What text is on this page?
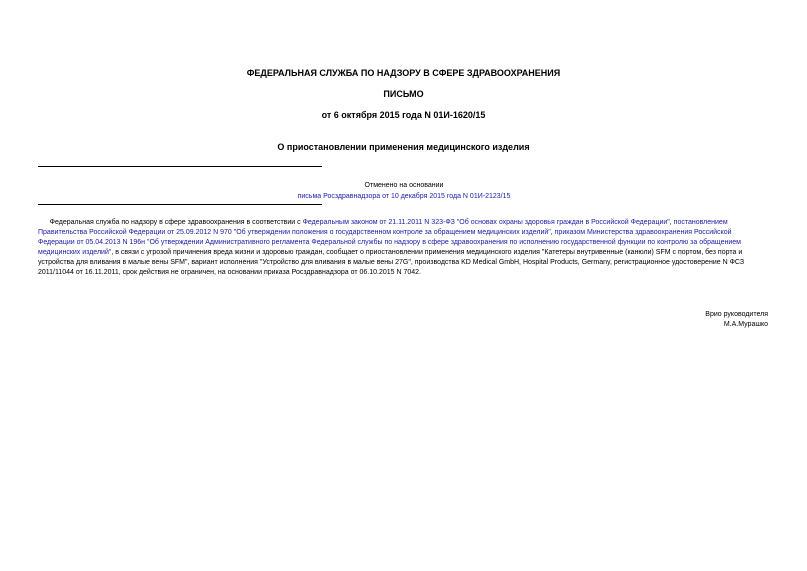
ФЕДЕРАЛЬНАЯ СЛУЖБА ПО НАДЗОРУ В СФЕРЕ ЗДРАВООХРАНЕНИЯ
ПИСЬМО
от 6 октября 2015 года N 01И-1620/15
О приостановлении применения медицинского изделия
Отменено на основании
письма Росздравнадзора от 10 декабря 2015 года N 01И-2123/15
Федеральная служба по надзору в сфере здравоохранения в соответствии с Федеральным законом от 21.11.2011 N 323-ФЗ "Об основах охраны здоровья граждан в Российской Федерации", постановлением
Правительства Российской Федерации от 25.09.2012 N 970 "Об утверждении положения о государственном контроле за обращением медицинских изделий", приказом Министерства здравоохранения Российской
Федерации от 05.04.2013 N 196н "Об утверждении Административного регламента Федеральной службы по надзору в сфере здравоохранения по исполнению государственной функции по контролю за обращением
медицинских изделий", в связи с угрозой причинения вреда жизни и здоровью граждан, сообщает о приостановлении применения медицинского изделия "Катетеры внутривенные (канюли) SFM с портом, без порта и
устройства для вливания в малые вены SFM", вариант исполнения "Устройство для вливания в малые вены 27G", производства KD Medical GmbH, Hospital Products, Germany, регистрационное удостоверение N ФСЗ
2011/11044 от 16.11.2011, срок действия не ограничен, на основании приказа Росздравнадзора от 06.10.2015 N 7042.
Врио руководителя
М.А.Мурашко
